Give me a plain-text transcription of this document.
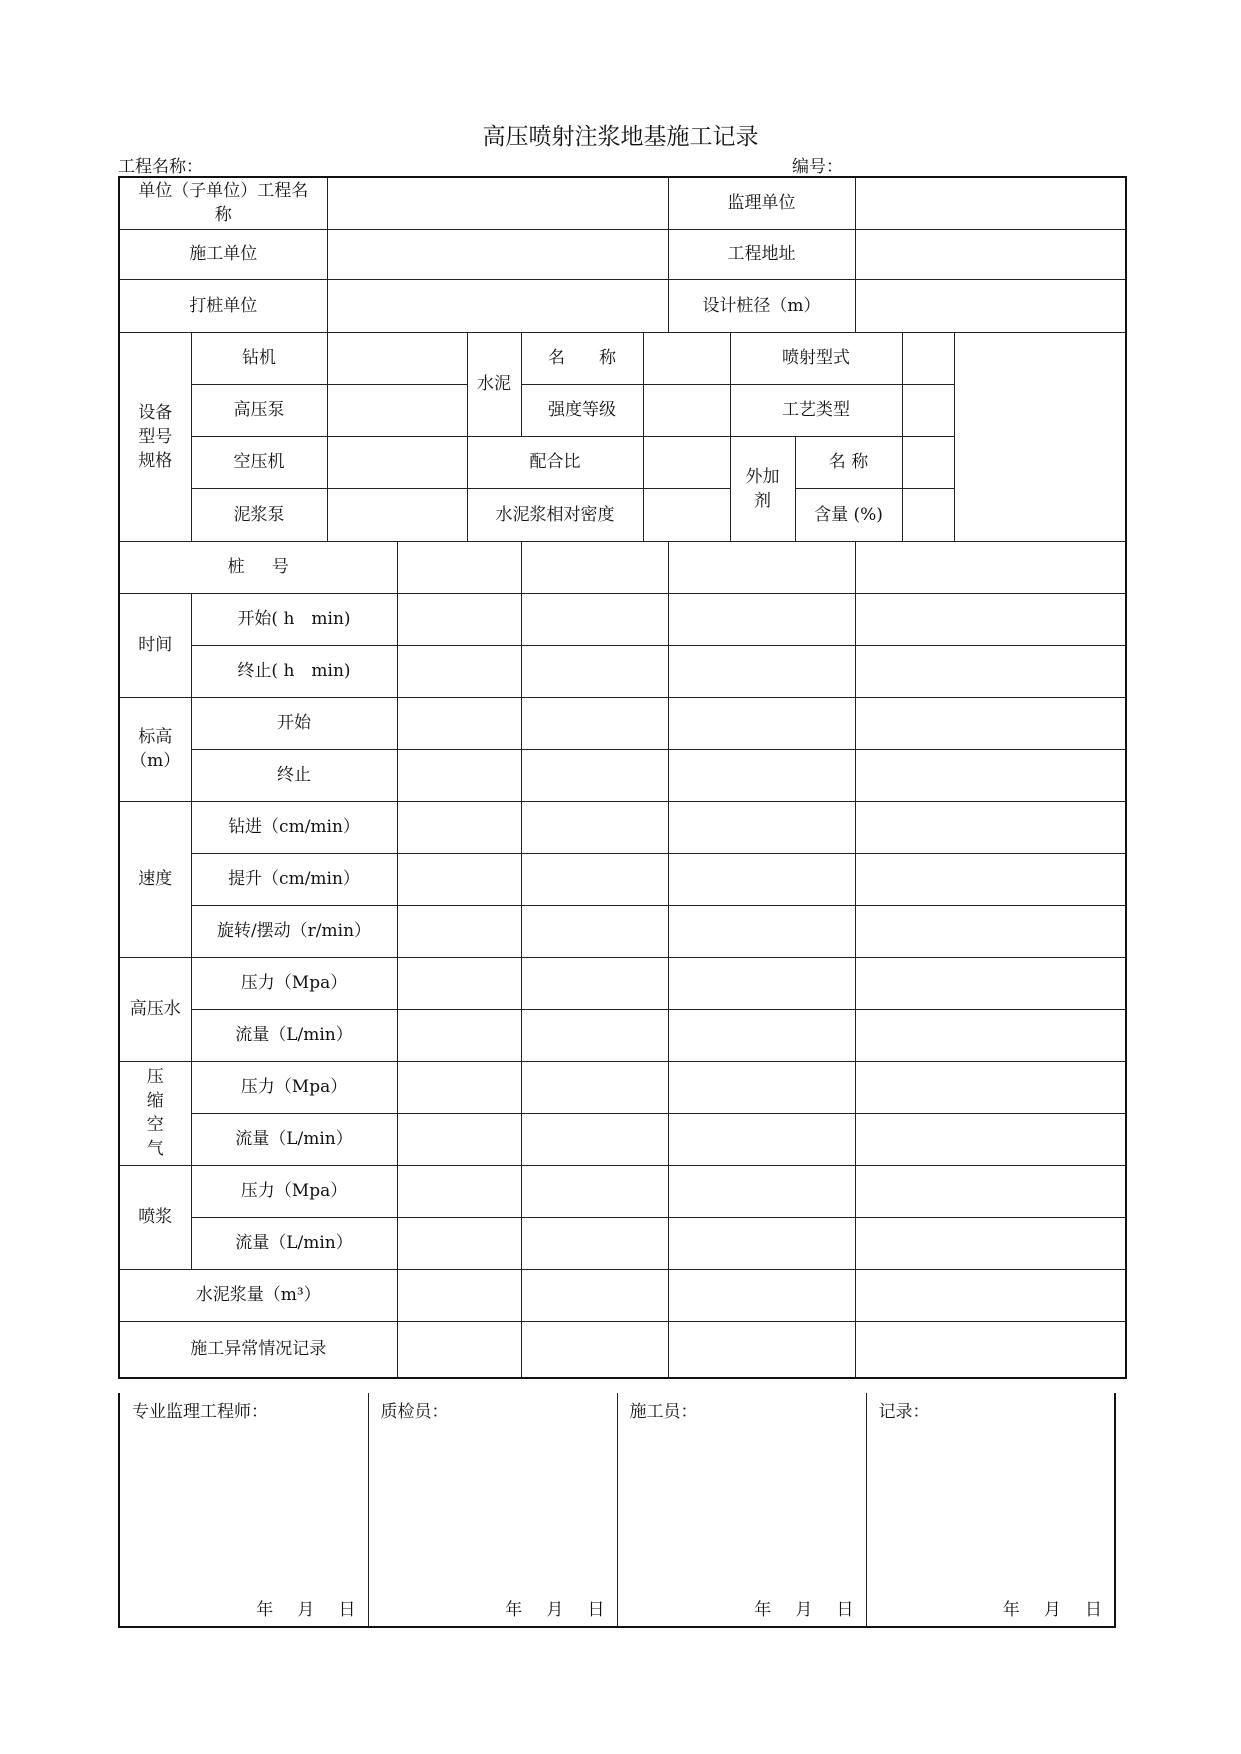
高压喷射注浆地基施工记录
工程名称：	编号：
单位（子单位）工程名称							监理单位				
施工单位							工程地址				
打桩单位							设计桩径（m）				
设备型号规格	钻机			水泥	名　　称			喷射型式			
	高压泵				强度等级			工艺类型			
	空压机			配合比				外加剂	名 称		
	泥浆泵			水泥浆相对密度					含量 (%)		
桩号											
时间	开始( h　min)										
	终止( h　min)										
标高（m）	开始										
	终止										
速度	钻进（cm/min）										
	提升（cm/min）										
	旋转/摆动（r/min）										
高压水	压力（Mpa）										
	流量（L/min）										
压缩空气	压力（Mpa）										
	流量（L/min）										
喷浆	压力（Mpa）										
	流量（L/min）										
水泥浆量（m³）											
施工异常情况记录											
专业监理工程师：
年 月 日

质检员：
年 月 日

施工员：
年 月 日

记录：
年 月 日
